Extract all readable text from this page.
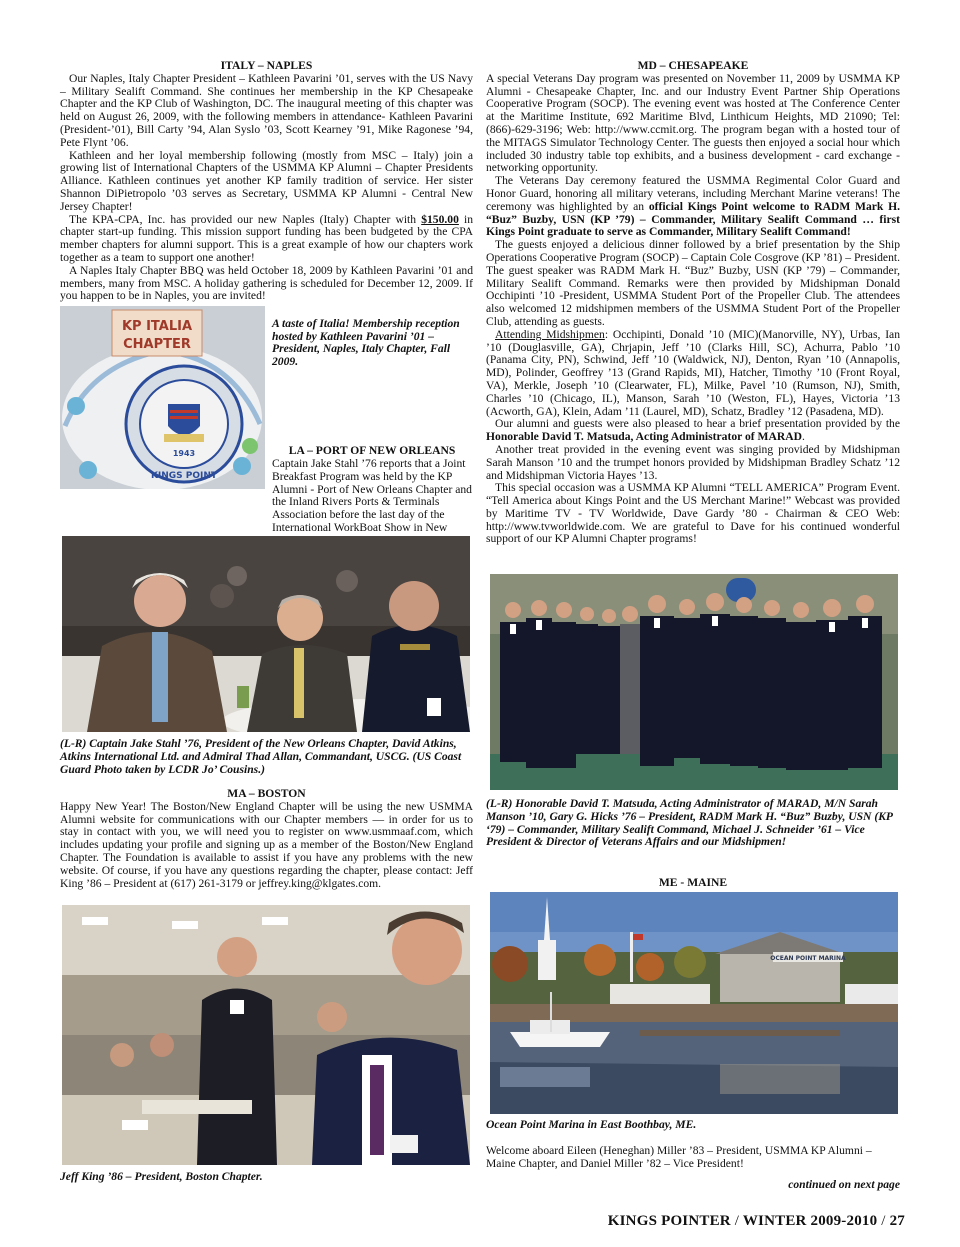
ITALY – NAPLES

Our Naples, Italy Chapter President – Kathleen Pavarini ’01, serves with the US Navy – Military Sealift Command. She continues her membership in the KP Chesapeake Chapter and the KP Club of Washington, DC. The inaugural meeting of this chapter was held on August 26, 2009, with the following members in attendance- Kathleen Pavarini (President-’01), Bill Carty ’94, Alan Syslo ’03, Scott Kearney ’91, Mike Ragonese ’94, Pete Flynt ’06.

Kathleen and her loyal membership following (mostly from MSC – Italy) join a growing list of International Chapters of the USMMA KP Alumni – Chapter Presidents Alliance. Kathleen continues yet another KP family tradition of service. Her sister Shannon DiPietropolo ’03 serves as Secretary, USMMA KP Alumni - Central New Jersey Chapter!

The KPA-CPA, Inc. has provided our new Naples (Italy) Chapter with $150.00 in chapter start-up funding. This mission support funding has been budgeted by the CPA member chapters for alumni support. This is a great example of how our chapters work together as a team to support one another!

A Naples Italy Chapter BBQ was held October 18, 2009 by Kathleen Pavarini ’01 and members, many from MSC. A holiday gathering is scheduled for December 12, 2009. If you happen to be in Naples, you are invited!

KP ITALIA
CHAPTER
1943
KINGS POINT
A taste of Italia! Membership reception hosted by Kathleen Pavarini ’01 – President, Naples, Italy Chapter, Fall 2009.
LA – PORT OF NEW ORLEANS

Captain Jake Stahl ’76 reports that a Joint Breakfast Program was held by the KP Alumni - Port of New Orleans Chapter and the Inland Rivers Ports & Terminals Association before the last day of the International WorkBoat Show in New

(L-R) Captain Jake Stahl ’76, President of the New Orleans Chapter, David Atkins, Atkins International Ltd. and Admiral Thad Allan, Commandant, USCG. (US Coast Guard Photo taken by LCDR Jo’ Cousins.)
MA – BOSTON

Happy New Year! The Boston/New England Chapter will be using the new USMMA Alumni website for communications with our Chapter members — in order for us to stay in contact with you, we will need you to register on www.usmmaaf.com, which includes updating your profile and signing up as a member of the Boston/New England Chapter. The Foundation is available to assist if you have any problems with the new website. Of course, if you have any questions regarding the chapter, please contact: Jeff King ’86 – President at (617) 261-3179 or jeffrey.king@klgates.com.

Jeff King ’86 – President, Boston Chapter.
MD – CHESAPEAKE

A special Veterans Day program was presented on November 11, 2009 by USMMA KP Alumni - Chesapeake Chapter, Inc. and our Industry Event Partner Ship Operations Cooperative Program (SOCP). The evening event was hosted at The Conference Center at the Maritime Institute, 692 Maritime Blvd, Linthicum Heights, MD 21090; Tel: (866)-629-3196; Web: http://www.ccmit.org. The program began with a hosted tour of the MITAGS Simulator Technology Center. The guests then enjoyed a social hour which included 30 industry table top exhibits, and a business development - card exchange - networking opportunity.

The Veterans Day ceremony featured the USMMA Regimental Color Guard and Honor Guard, honoring all military veterans, including Merchant Marine veterans! The ceremony was highlighted by an official Kings Point welcome to RADM Mark H. “Buz” Buzby, USN (KP ’79) – Commander, Military Sealift Command … first Kings Point graduate to serve as Commander, Military Sealift Command!

The guests enjoyed a delicious dinner followed by a brief presentation by the Ship Operations Cooperative Program (SOCP) – Captain Cole Cosgrove (KP ’81) – President. The guest speaker was RADM Mark H. “Buz” Buzby, USN (KP ’79) – Commander, Military Sealift Command. Remarks were then provided by Midshipman Donald Occhipinti ’10 -President, USMMA Student Port of the Propeller Club. The attendees also welcomed 12 midshipmen members of the USMMA Student Port of the Propeller Club, attending as guests.

Attending Midshipmen: Occhipinti, Donald ’10 (MIC)(Manorville, NY), Urbas, Ian ’10 (Douglasville, GA), Chrjapin, Jeff ’10 (Clarks Hill, SC), Achurra, Pablo ’10 (Panama City, PN), Schwind, Jeff ’10 (Waldwick, NJ), Denton, Ryan ’10 (Annapolis, MD), Polinder, Geoffrey ’13 (Grand Rapids, MI), Hatcher, Timothy ’10 (Front Royal, VA), Merkle, Joseph ’10 (Clearwater, FL), Milke, Pavel ’10 (Rumson, NJ), Smith, Charles ’10 (Chicago, IL), Manson, Sarah ’10 (Weston, FL), Hayes, Victoria ’13 (Acworth, GA), Klein, Adam ’11 (Laurel, MD), Schatz, Bradley ’12 (Pasadena, MD).

Our alumni and guests were also pleased to hear a brief presentation provided by the Honorable David T. Matsuda, Acting Administrator of MARAD.

Another treat provided in the evening event was singing provided by Midshipman Sarah Manson ’10 and the trumpet honors provided by Midshipman Bradley Schatz ’12 and Midshipman Victoria Hayes ’13.

This special occasion was a USMMA KP Alumni “TELL AMERICA” Program Event. “Tell America about Kings Point and the US Merchant Marine!” Webcast was provided by Maritime TV - TV Worldwide, Dave Gardy ’80 - Chairman & CEO Web: http://www.tvworldwide.com. We are grateful to Dave for his continued wonderful support of our KP Alumni Chapter programs!

(L-R) Honorable David T. Matsuda, Acting Administrator of MARAD, M/N Sarah Manson ’10, Gary G. Hicks ’76 – President, RADM Mark H. “Buz” Buzby, USN (KP ‘79) – Commander, Military Sealift Command, Michael J. Schneider ’61 – Vice President & Director of Veterans Affairs and our Midshipmen!
ME - MAINE
OCEAN POINT MARINA
Ocean Point Marina in East Boothbay, ME.
Welcome aboard Eileen (Heneghan) Miller ’83 – President, USMMA KP Alumni – Maine Chapter, and Daniel Miller ’82 – Vice President!
continued on next page
KINGS POINTER / WINTER 2009-2010 / 27
